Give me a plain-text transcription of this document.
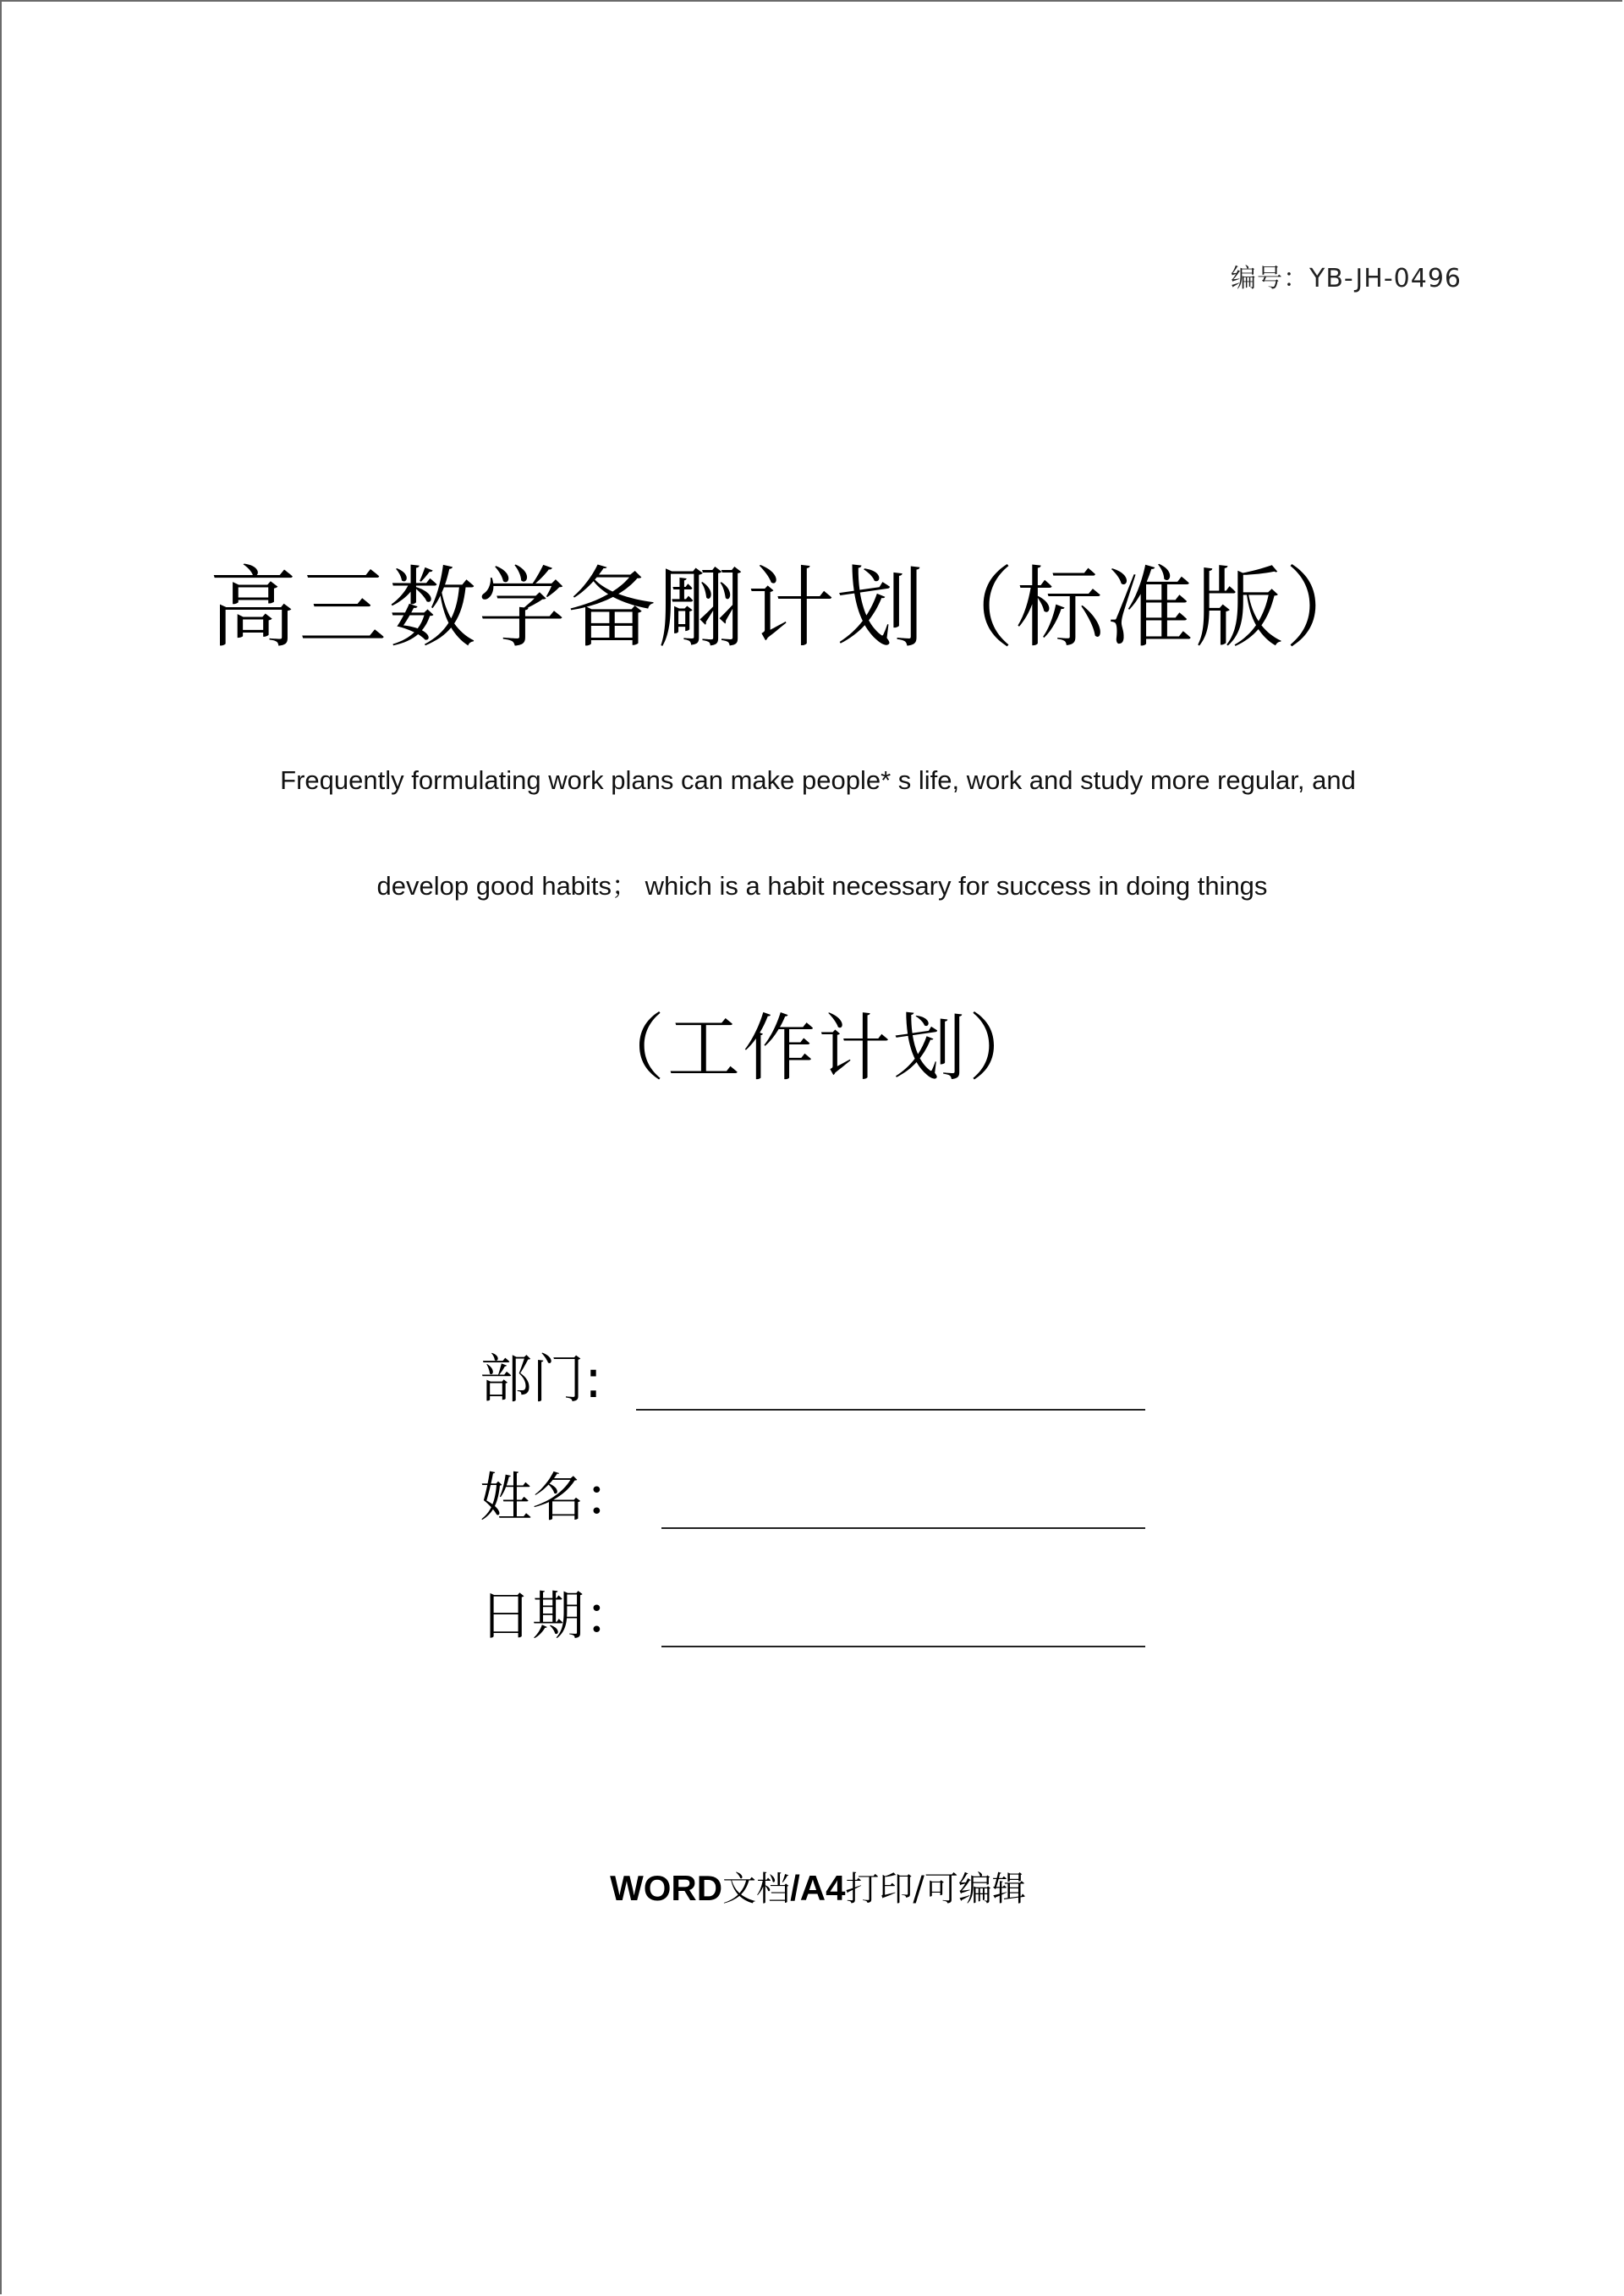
编号：YB-JH-0496
高三数学备翢计划（标准版）
Frequently formulating work plans can make people* s life, work and study more regular, and
develop good habits； which is a habit necessary for success in doing things
（工作计划）
部门:
姓名：
日期：
WORD文档/A4打印/可编辑
